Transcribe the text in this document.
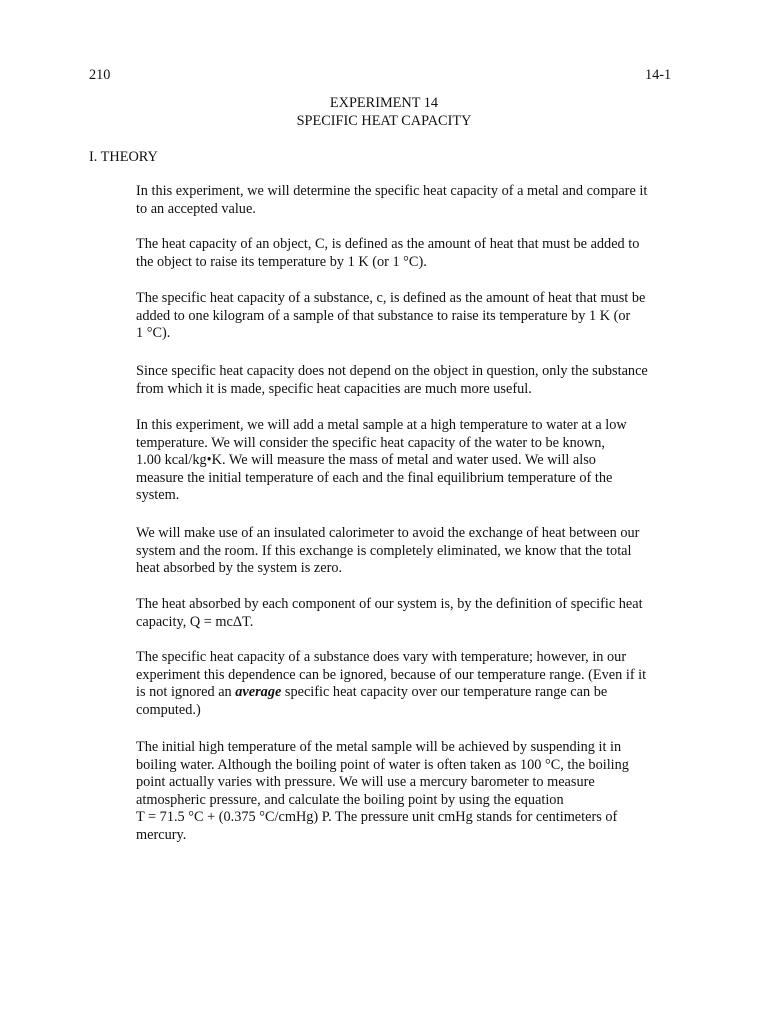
210	14-1
EXPERIMENT 14
SPECIFIC HEAT CAPACITY
I. THEORY

In this experiment, we will determine the specific heat capacity of a metal and compare it
to an accepted value.

The heat capacity of an object, C, is defined as the amount of heat that must be added to
the object to raise its temperature by 1 K (or 1 °C).

The specific heat capacity of a substance, c, is defined as the amount of heat that must be
added to one kilogram of a sample of that substance to raise its temperature by 1 K (or
1 °C).

Since specific heat capacity does not depend on the object in question, only the substance
from which it is made, specific heat capacities are much more useful.

In this experiment, we will add a metal sample at a high temperature to water at a low
temperature. We will consider the specific heat capacity of the water to be known,
1.00 kcal/kg•K. We will measure the mass of metal and water used. We will also
measure the initial temperature of each and the final equilibrium temperature of the
system.

We will make use of an insulated calorimeter to avoid the exchange of heat between our
system and the room. If this exchange is completely eliminated, we know that the total
heat absorbed by the system is zero.

The heat absorbed by each component of our system is, by the definition of specific heat
capacity, Q = mcΔT.

The specific heat capacity of a substance does vary with temperature; however, in our
experiment this dependence can be ignored, because of our temperature range. (Even if it
is not ignored an average specific heat capacity over our temperature range can be
computed.)

The initial high temperature of the metal sample will be achieved by suspending it in
boiling water. Although the boiling point of water is often taken as 100 °C, the boiling
point actually varies with pressure. We will use a mercury barometer to measure
atmospheric pressure, and calculate the boiling point by using the equation
T = 71.5 °C + (0.375 °C/cmHg) P. The pressure unit cmHg stands for centimeters of
mercury.
